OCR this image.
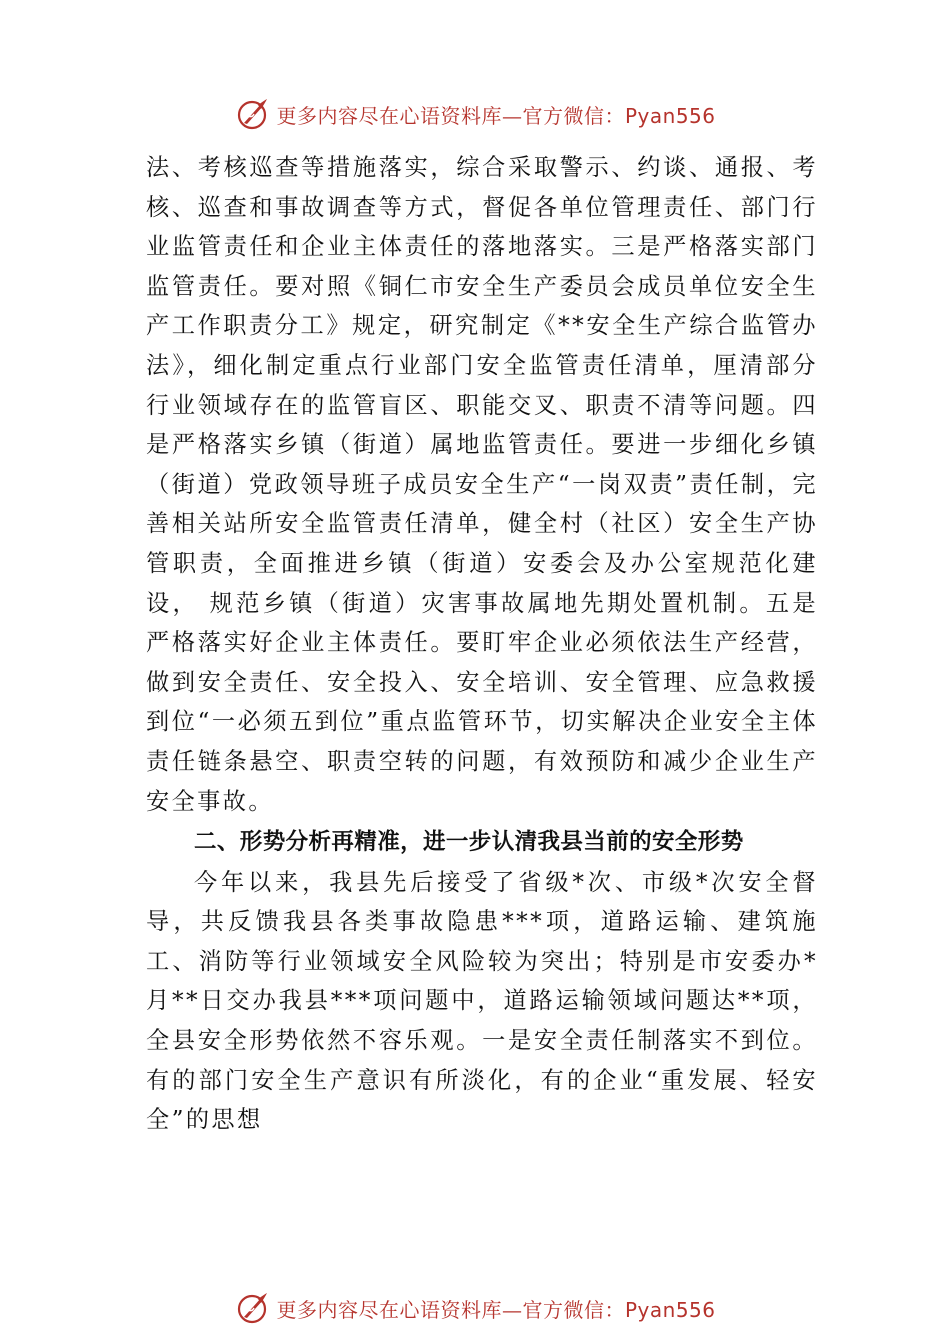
更多内容尽在心语资料库—官方微信：Pyan556

法、考核巡查等措施落实，综合采取警示、约谈、通报、考核、巡查和事故调查等方式，督促各单位管理责任、部门行业监管责任和企业主体责任的落地落实。三是严格落实部门监管责任。要对照《铜仁市安全生产委员会成员单位安全生产工作职责分工》规定，研究制定《**安全生产综合监管办法》，细化制定重点行业部门安全监管责任清单，厘清部分行业领域存在的监管盲区、职能交叉、职责不清等问题。四是严格落实乡镇（街道）属地监管责任。要进一步细化乡镇（街道）党政领导班子成员安全生产“一岗双责”责任制，完善相关站所安全监管责任清单，健全村（社区）安全生产协管职责，全面推进乡镇（街道）安委会及办公室规范化建设， 规范乡镇（街道）灾害事故属地先期处置机制。五是严格落实好企业主体责任。要盯牢企业必须依法生产经营，做到安全责任、安全投入、安全培训、安全管理、应急救援到位“一必须五到位”重点监管环节，切实解决企业安全主体责任链条悬空、职责空转的问题，有效预防和减少企业生产安全事故。

二、形势分析再精准，进一步认清我县当前的安全形势

今年以来，我县先后接受了省级*次、市级*次安全督导，共反馈我县各类事故隐患***项，道路运输、建筑施工、消防等行业领域安全风险较为突出；特别是市安委办*月**日交办我县***项问题中，道路运输领域问题达**项，全县安全形势依然不容乐观。一是安全责任制落实不到位。有的部门安全生产意识有所淡化，有的企业“重发展、轻安全”的思想

更多内容尽在心语资料库—官方微信：Pyan556
